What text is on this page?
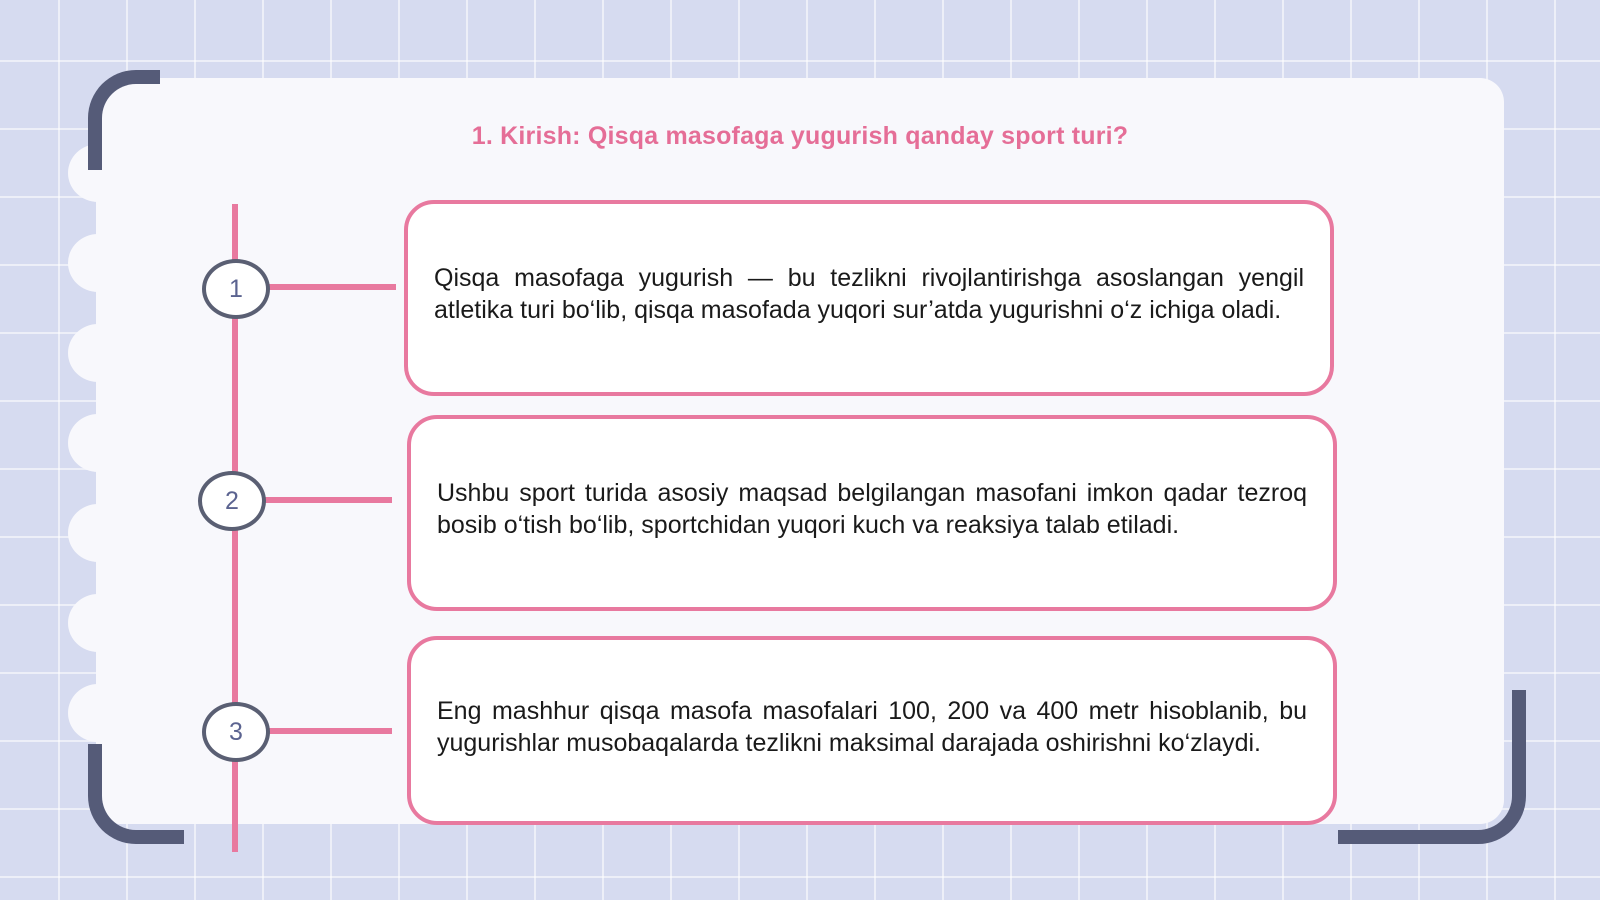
1. Kirish: Qisqa masofaga yugurish qanday sport turi?
1
2
3

Qisqa masofaga yugurish — bu tezlikni rivojlantirishga asoslangan yengil atletika turi bo‘lib, qisqa masofada yuqori sur’atda yugurishni o‘z ichiga oladi.

Ushbu sport turida asosiy maqsad belgilangan masofani imkon qadar tezroq bosib o‘tish bo‘lib, sportchidan yuqori kuch va reaksiya talab etiladi.

Eng mashhur qisqa masofa masofalari 100, 200 va 400 metr hisoblanib, bu yugurishlar musobaqalarda tezlikni maksimal darajada oshirishni ko‘zlaydi.
